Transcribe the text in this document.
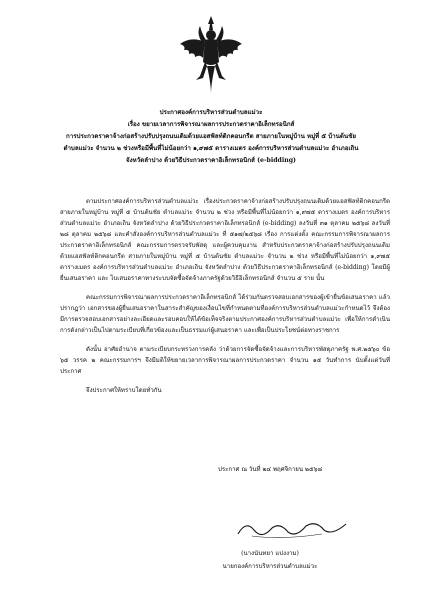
ประกาศองค์การบริหารส่วนตำบลแม่วะ
เรื่อง ขยายเวลาการพิจารณาผลการประกวดราคาอิเล็กทรอนิกส์
การประกวดราคาจ้างก่อสร้างปรับปรุงถนนเดิมด้วยแอสฟัลท์ติกคอนกรีต สายภายในหมู่บ้าน หมู่ที่ ๕ บ้านต้นชัย
ตำบลแม่วะ จำนวน ๒ ช่วงหรือมีพื้นที่ไม่น้อยกว่า ๑,๙๗๕ ตารางเมตร องค์การบริหารส่วนตำบลแม่วะ อำเภอเถิน
จังหวัดลำปาง ด้วยวิธีประกวดราคาอิเล็กทรอนิกส์ (e-bidding)

ตามประกาศองค์การบริหารส่วนตำบลแม่วะ เรื่องประกวดราคาจ้างก่อสร้างปรับปรุงถนนเดิมด้วยแอสฟัลท์ติกคอนกรีต สายภายในหมู่บ้าน หมู่ที่ ๕ บ้านต้นชัย ตำบลแม่วะ จำนวน ๒ ช่วง หรือมีพื้นที่ไม่น้อยกว่า ๑,๙๗๕ ตารางเมตร องค์การบริหารส่วนตำบลแม่วะ อำเภอเถิน จังหวัดลำปาง ด้วยวิธีประกวดราคาอิเล็กทรอนิกส์ (e-bidding) ลงวันที่ ๓๑ ตุลาคม ๒๕๖๘ ลงวันที่ ๒๘ ตุลาคม ๒๕๖๘ และคำสั่งองค์การบริหารส่วนตำบลแม่วะ ที่ ๕๑๗/๒๕๖๘ เรื่อง การแต่งตั้ง คณะกรรมการพิจารณาผลการประกวดราคาอิเล็กทรอนิกส์ คณะกรรมการตรวจรับพัสดุ และผู้ควบคุมงาน สำหรับประกวดราคาจ้างก่อสร้างปรับปรุงถนนเดิมด้วยแอสฟัลท์ติกคอนกรีต สายภายในหมู่บ้าน หมู่ที่ ๕ บ้านต้นชัย ตำบลแม่วะ จำนวน ๒ ช่วง หรือมีพื้นที่ไม่น้อยกว่า ๑,๙๗๕ ตารางเมตร องค์การบริหารส่วนตำบลแม่วะ อำเภอเถิน จังหวัดลำปาง ด้วยวิธีประกวดราคาอิเล็กทรอนิกส์ (e-bidding) โดยมีผู้ยื่นเสนอราคา และ ไบเสนอราคาทางระบบจัดซื้อจัดจ้างภาครัฐด้วยวิธีอิเล็กทรอนิกส์ จำนวน ๕ ราย นั้น

คณะกรรมการพิจารณาผลการประกวดราคาอิเล็กทรอนิกส์ ได้ร่วมกันตรวจสอบเอกสารของผู้เข้ายื่นข้อเสนอราคา แล้วปรากฏว่า เอกสารของผู้ยื่นเสนอราคาในสาระสำคัญของเงื่อนไขที่กำหนดตามที่องค์การบริหารส่วนตำบลแม่วะกำหนดไว้ จึงต้องมีการตรวจสอบเอกสารอย่างละเอียดและรอบคอบให้ได้ข้อเท็จจริงตามประกาศองค์การบริหารส่วนตำบลแม่วะ เพื่อให้การดำเนินการดังกล่าวเป็นไปตามระเบียบที่เกี่ยวข้องและเป็นธรรมแก่ผู้เสนอราคา และเพื่อเป็นประโยชน์ต่อทางราชการ

ดังนั้น อาศัยอำนาจ ตามระเบียบกระทรวงการคลัง ว่าด้วยการจัดซื้อจัดจ้างและการบริหารพัสดุภาครัฐ พ.ศ.๒๕๖๐ ข้อ ๖๕ วรรค ๒ คณะกรรมการฯ จึงมีมติให้ขยายเวลาการพิจารณาผลการประกวดราคา จำนวน ๑๕ วันทำการ นับตั้งแต่วันที่ประกาศ

จึงประกาศให้ทราบโดยทั่วกัน

ประกาศ ณ วันที่ ๒๔ พฤศจิกายน ๒๕๖๘
(นางนันทยา แปงงาม)
นายกองค์การบริหารส่วนตำบลแม่วะ
